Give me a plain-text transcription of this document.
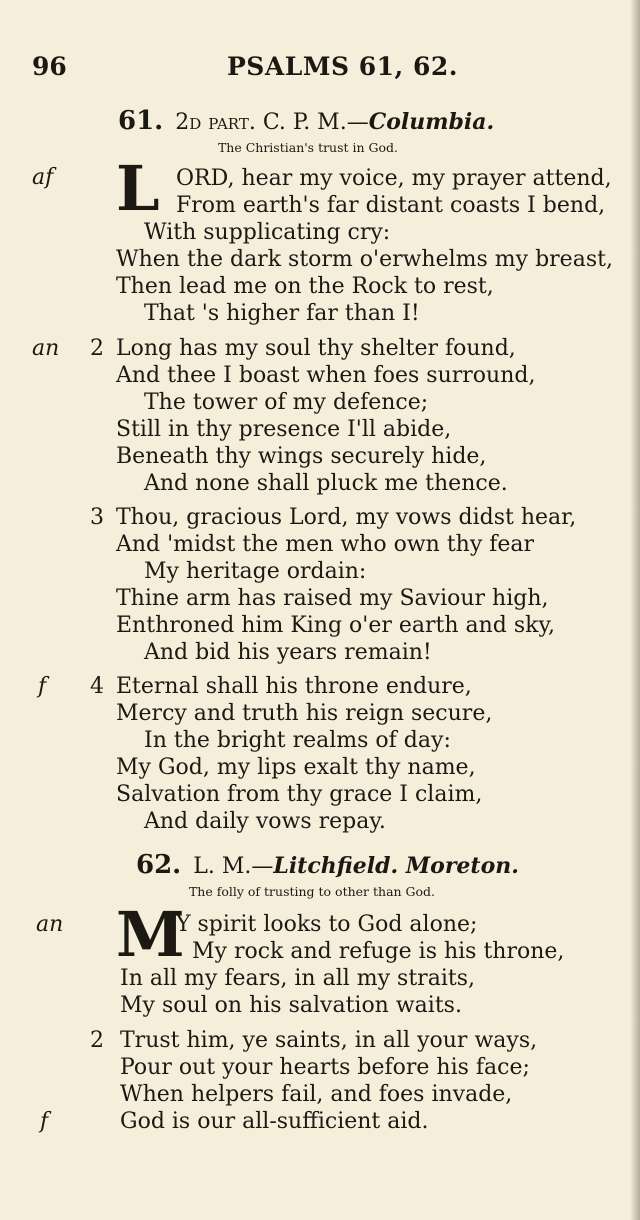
96	PSALMS 61, 62.
61. 2d part. C. P. M.—Columbia.
The Christian's trust in God.
af L ORD, hear my voice, my prayer attend,
From earth's far distant coasts I bend,
With supplicating cry:
When the dark storm o'erwhelms my breast,
Then lead me on the Rock to rest,
That 's higher far than I!
an 2 Long has my soul thy shelter found,
And thee I boast when foes surround,
The tower of my defence;
Still in thy presence I'll abide,
Beneath thy wings securely hide,
And none shall pluck me thence.
3 Thou, gracious Lord, my vows didst hear,
And 'midst the men who own thy fear
My heritage ordain:
Thine arm has raised my Saviour high,
Enthroned him King o'er earth and sky,
And bid his years remain!
f 4 Eternal shall his throne endure,
Mercy and truth his reign secure,
In the bright realms of day:
My God, my lips exalt thy name,
Salvation from thy grace I claim,
And daily vows repay.
62. L. M.—Litchfield. Moreton.
The folly of trusting to other than God.
an M
Y spirit looks to God alone;
My rock and refuge is his throne,
In all my fears, in all my straits,
My soul on his salvation waits.
2 Trust him, ye saints, in all your ways,
Pour out your hearts before his face;
When helpers fail, and foes invade,
f	God is our all-sufficient aid.
